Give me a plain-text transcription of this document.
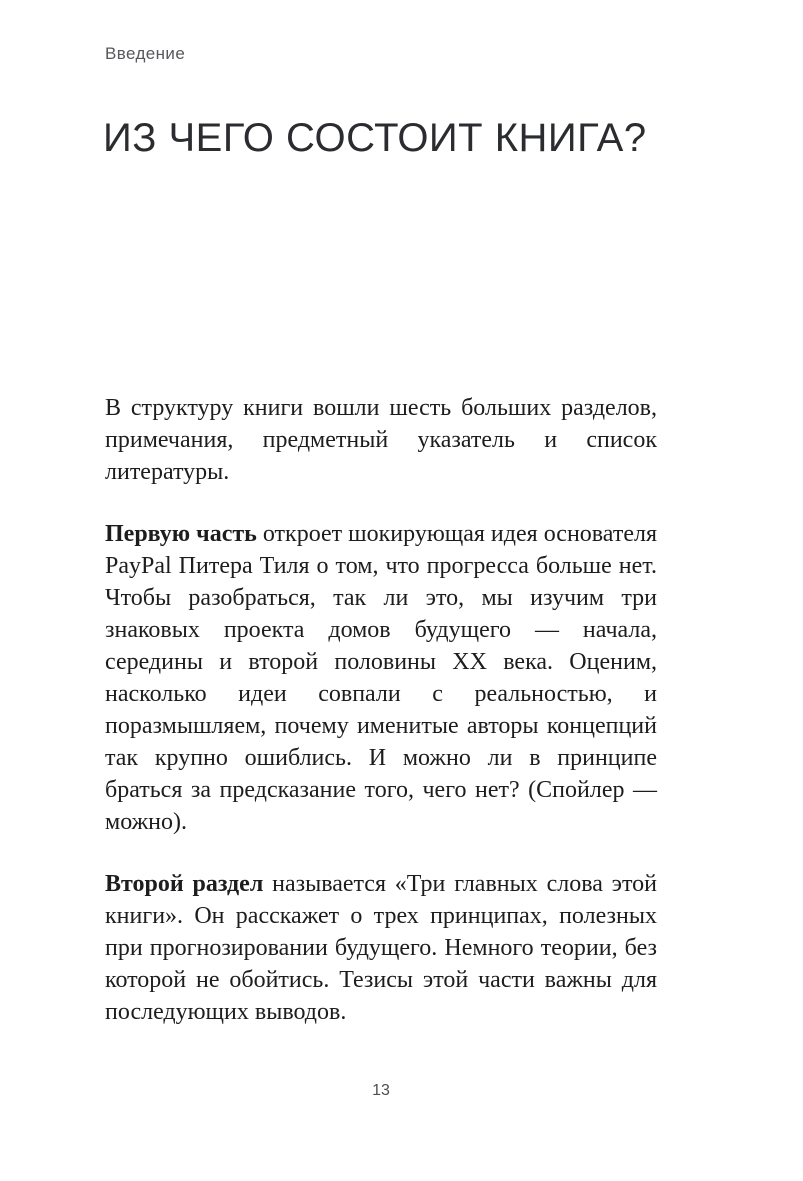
Введение
ИЗ ЧЕГО СОСТОИТ КНИГА?

В структуру книги вошли шесть больших разделов, примечания, предметный указатель и список литературы.

Первую часть откроет шокирующая идея основателя PayPal Питера Тиля о том, что прогресса больше нет. Чтобы разобраться, так ли это, мы изучим три знаковых проекта домов будущего — начала, середины и второй половины XX века. Оценим, насколько идеи совпали с реальностью, и поразмышляем, почему именитые авторы концепций так крупно ошиблись. И можно ли в принципе браться за предсказание того, чего нет? (Спойлер — можно).

Второй раздел называется «Три главных слова этой книги». Он расскажет о трех принципах, полезных при прогнозировании будущего. Немного теории, без которой не обойтись. Тезисы этой части важны для последующих выводов.

13
